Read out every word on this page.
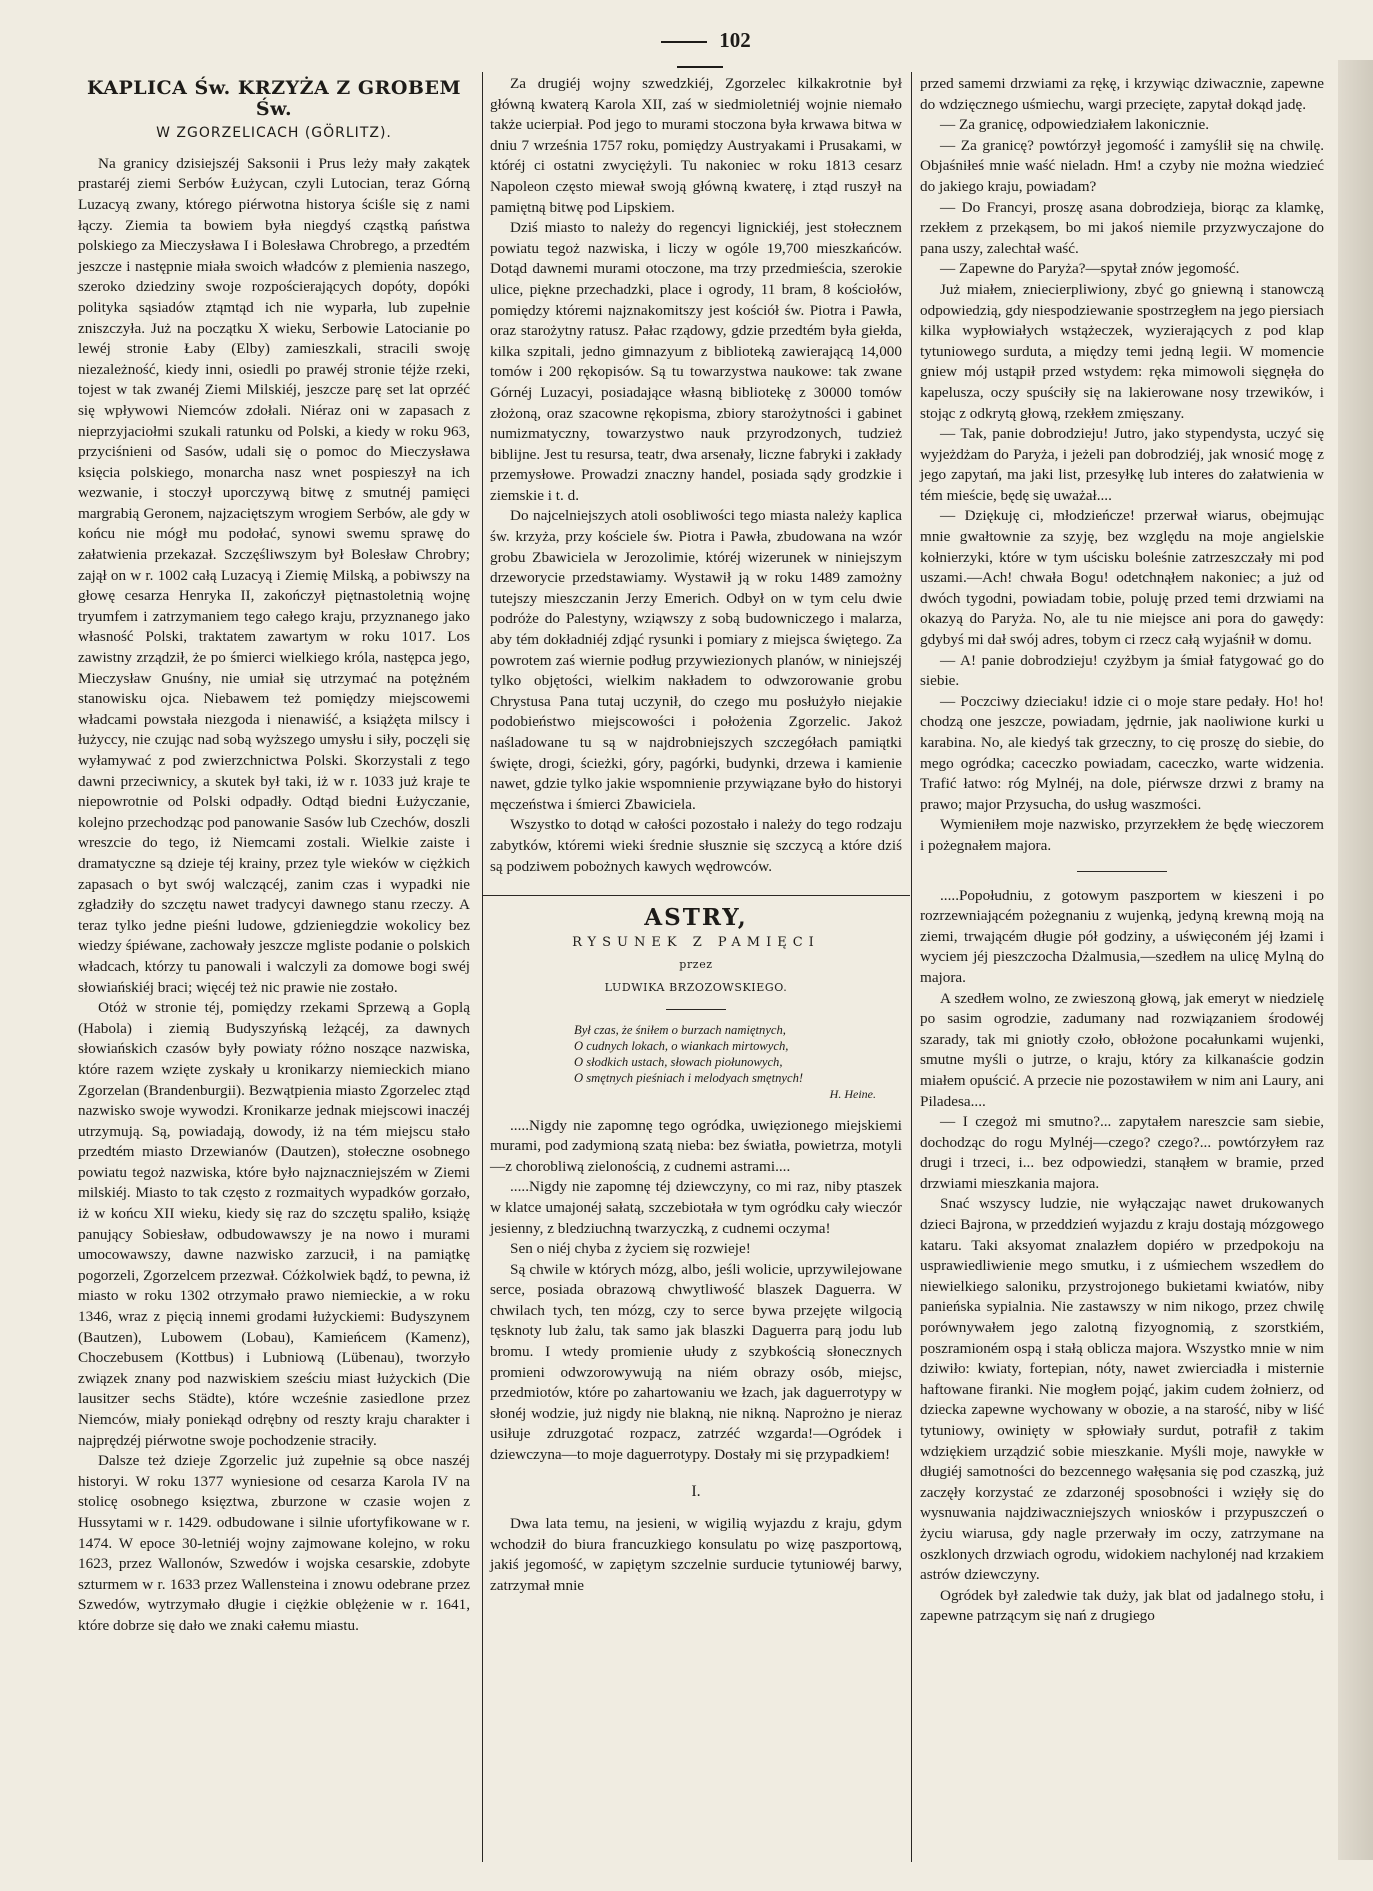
102
KAPLICA Św. KRZYŻA Z GROBEM Św.
W ZGORZELICACH (GÖRLITZ).

Na granicy dzisiejszéj Saksonii i Prus leży mały zakątek prastaréj ziemi Serbów Łużycan, czyli Lutocian, teraz Górną Luzacyą zwany, którego piérwotna historya ściśle się z nami łączy. Ziemia ta bowiem była niegdyś cząstką państwa polskiego za Mieczysława I i Bolesława Chrobrego, a przedtém jeszcze i następnie miała swoich władców z plemienia naszego, szeroko dziedziny swoje rozpościerających dopóty, dopóki polityka sąsiadów ztąmtąd ich nie wyparła, lub zupełnie zniszczyła. Już na początku X wieku, Serbowie Latocianie po lewéj stronie Łaby (Elby) zamieszkali, stracili swoję niezależność, kiedy inni, osiedli po prawéj stronie téjże rzeki, tojest w tak zwanéj Ziemi Milskiéj, jeszcze parę set lat oprzéć się wpływowi Niemców zdołali. Niéraz oni w zapasach z nieprzyjaciołmi szukali ratunku od Polski, a kiedy w roku 963, przyciśnieni od Sasów, udali się o pomoc do Mieczysława księcia polskiego, monarcha nasz wnet pospieszył na ich wezwanie, i stoczył uporczywą bitwę z smutnéj pamięci margrabią Geronem, najzaciętszym wrogiem Serbów, ale gdy w końcu nie mógł mu podołać, synowi swemu sprawę do załatwienia przekazał. Szczęśliwszym był Bolesław Chrobry; zajął on w r. 1002 całą Luzacyą i Ziemię Milską, a pobiwszy na głowę cesarza Henryka II, zakończył piętnastoletnią wojnę tryumfem i zatrzymaniem tego całego kraju, przyznanego jako własność Polski, traktatem zawartym w roku 1017. Los zawistny zrządził, że po śmierci wielkiego króla, następca jego, Mieczysław Gnuśny, nie umiał się utrzymać na potężném stanowisku ojca. Niebawem też pomiędzy miejscowemi władcami powstała niezgoda i nienawiść, a książęta milscy i łużyccy, nie czując nad sobą wyższego umysłu i siły, poczęli się wyłamywać z pod zwierzchnictwa Polski. Skorzystali z tego dawni przeciwnicy, a skutek był taki, iż w r. 1033 już kraje te niepowrotnie od Polski odpadły. Odtąd biedni Łużyczanie, kolejno przechodząc pod panowanie Sasów lub Czechów, doszli wreszcie do tego, iż Niemcami zostali. Wielkie zaiste i dramatyczne są dzieje téj krainy, przez tyle wieków w ciężkich zapasach o byt swój walczącéj, zanim czas i wypadki nie zgładziły do szczętu nawet tradycyi dawnego stanu rzeczy. A teraz tylko jedne pieśni ludowe, gdzieniegdzie wokolicy bez wiedzy śpiéwane, zachowały jeszcze mgliste podanie o polskich władcach, którzy tu panowali i walczyli za domowe bogi swéj słowiańskiéj braci; więcéj też nic prawie nie zostało.

Otóż w stronie téj, pomiędzy rzekami Sprzewą a Goplą (Habola) i ziemią Budyszyńską leżącéj, za dawnych słowiańskich czasów były powiaty różno noszące nazwiska, które razem wzięte zyskały u kronikarzy niemieckich miano Zgorzelan (Brandenburgii). Bezwątpienia miasto Zgorzelec ztąd nazwisko swoje wywodzi. Kronikarze jednak miejscowi inaczéj utrzymują. Są, powiadają, dowody, iż na tém miejscu stało przedtém miasto Drzewianów (Dautzen), stołeczne osobnego powiatu tegoż nazwiska, które było najznaczniejszém w Ziemi milskiéj. Miasto to tak często z rozmaitych wypadków gorzało, iż w końcu XII wieku, kiedy się raz do szczętu spaliło, książę panujący Sobiesław, odbudowawszy je na nowo i murami umocowawszy, dawne nazwisko zarzucił, i na pamiątkę pogorzeli, Zgorzelcem przezwał. Cóżkolwiek bądź, to pewna, iż miasto w roku 1302 otrzymało prawo niemieckie, a w roku 1346, wraz z pięcią innemi grodami łużyckiemi: Budyszynem (Bautzen), Lubowem (Lobau), Kamieńcem (Kamenz), Choczebusem (Kottbus) i Lubniową (Lübenau), tworzyło związek znany pod nazwiskiem sześciu miast łużyckich (Die lausitzer sechs Städte), które wcześnie zasiedlone przez Niemców, miały poniekąd odrębny od reszty kraju charakter i najprędzéj piérwotne swoje pochodzenie straciły.

Dalsze też dzieje Zgorzelic już zupełnie są obce naszéj historyi. W roku 1377 wyniesione od cesarza Karola IV na stolicę osobnego księztwa, zburzone w czasie wojen z Hussytami w r. 1429. odbudowane i silnie ufortyfikowane w r. 1474. W epoce 30-letniéj wojny zajmowane kolejno, w roku 1623, przez Wallonów, Szwedów i wojska cesarskie, zdobyte szturmem w r. 1633 przez Wallensteina i znowu odebrane przez Szwedów, wytrzymało długie i ciężkie oblężenie w r. 1641, które dobrze się dało we znaki całemu miastu.

Za drugiéj wojny szwedzkiéj, Zgorzelec kilkakrotnie był główną kwaterą Karola XII, zaś w siedmioletniéj wojnie niemało także ucierpiał. Pod jego to murami stoczona była krwawa bitwa w dniu 7 września 1757 roku, pomiędzy Austryakami i Prusakami, w któréj ci ostatni zwyciężyli. Tu nakoniec w roku 1813 cesarz Napoleon często miewał swoją główną kwaterę, i ztąd ruszył na pamiętną bitwę pod Lipskiem.

Dziś miasto to należy do regencyi lignickiéj, jest stołecznem powiatu tegoż nazwiska, i liczy w ogóle 19,700 mieszkańców. Dotąd dawnemi murami otoczone, ma trzy przedmieścia, szerokie ulice, piękne przechadzki, place i ogrody, 11 bram, 8 kościołów, pomiędzy któremi najznakomitszy jest kościół św. Piotra i Pawła, oraz starożytny ratusz. Pałac rządowy, gdzie przedtém była giełda, kilka szpitali, jedno gimnazyum z biblioteką zawierającą 14,000 tomów i 200 rękopisów. Są tu towarzystwa naukowe: tak zwane Górnéj Luzacyi, posiadające własną bibliotekę z 30000 tomów złożoną, oraz szacowne rękopisma, zbiory starożytności i gabinet numizmatyczny, towarzystwo nauk przyrodzonych, tudzież biblijne. Jest tu resursa, teatr, dwa arsenały, liczne fabryki i zakłady przemysłowe. Prowadzi znaczny handel, posiada sądy grodzkie i ziemskie i t. d.

Do najcelniejszych atoli osobliwości tego miasta należy kaplica św. krzyża, przy kościele św. Piotra i Pawła, zbudowana na wzór grobu Zbawiciela w Jerozolimie, któréj wizerunek w niniejszym drzeworycie przedstawiamy. Wystawił ją w roku 1489 zamożny tutejszy mieszczanin Jerzy Emerich. Odbył on w tym celu dwie podróże do Palestyny, wziąwszy z sobą budowniczego i malarza, aby tém dokładniéj zdjąć rysunki i pomiary z miejsca świętego. Za powrotem zaś wiernie podług przywiezionych planów, w niniejszéj tylko objętości, wielkim nakładem to odwzorowanie grobu Chrystusa Pana tutaj uczynił, do czego mu posłużyło niejakie podobieństwo miejscowości i położenia Zgorzelic. Jakoż naśladowane tu są w najdrobniejszych szczegółach pamiątki święte, drogi, ścieżki, góry, pagórki, budynki, drzewa i kamienie nawet, gdzie tylko jakie wspomnienie przywiązane było do historyi męczeństwa i śmierci Zbawiciela.

Wszystko to dotąd w całości pozostało i należy do tego rodzaju zabytków, któremi wieki średnie słusznie się szczycą a które dziś są podziwem pobożnych kawych wędrowców.

ASTRY,
RYSUNEK Z PAMIĘCI
przez
LUDWIKA BRZOZOWSKIEGO.
Był czas, że śniłem o burzach namiętnych,
O cudnych lokach, o wiankach mirtowych,
O słodkich ustach, słowach piołunowych,
O smętnych pieśniach i melodyach smętnych!
H. Heine.

.....Nigdy nie zapomnę tego ogródka, uwięzionego miejskiemi murami, pod zadymioną szatą nieba: bez światła, powietrza, motyli—z chorobliwą zielonością, z cudnemi astrami....

.....Nigdy nie zapomnę téj dziewczyny, co mi raz, niby ptaszek w klatce umajonéj sałatą, szczebiotała w tym ogródku cały wieczór jesienny, z bledziuchną twarzyczką, z cudnemi oczyma!

Sen o niéj chyba z życiem się rozwieje!

Są chwile w których mózg, albo, jeśli wolicie, uprzywilejowane serce, posiada obrazową chwytliwość blaszek Daguerra. W chwilach tych, ten mózg, czy to serce bywa przejęte wilgocią tęsknoty lub żalu, tak samo jak blaszki Daguerra parą jodu lub bromu. I wtedy promienie ułudy z szybkością słonecznych promieni odwzorowywują na niém obrazy osób, miejsc, przedmiotów, które po zahartowaniu we łzach, jak daguerrotypy w słonéj wodzie, już nigdy nie blakną, nie nikną. Naprożno je nieraz usiłuje zdruzgotać rozpacz, zatrzéć wzgarda!—Ogródek i dziewczyna—to moje daguerrotypy. Dostały mi się przypadkiem!

I.

Dwa lata temu, na jesieni, w wigilią wyjazdu z kraju, gdym wchodził do biura francuzkiego konsulatu po wizę paszportową, jakiś jegomość, w zapiętym szczelnie surducie tytuniowéj barwy, zatrzymał mnie

przed samemi drzwiami za rękę, i krzywiąc dziwacznie, zapewne do wdzięcznego uśmiechu, wargi przecięte, zapytał dokąd jadę.

— Za granicę, odpowiedziałem lakonicznie.

— Za granicę? powtórzył jegomość i zamyślił się na chwilę. Objaśniłeś mnie waść nieladn. Hm! a czyby nie można wiedzieć do jakiego kraju, powiadam?

— Do Francyi, proszę asana dobrodzieja, biorąc za klamkę, rzekłem z przekąsem, bo mi jakoś niemile przyzwyczajone do pana uszy, zalechtał waść.

— Zapewne do Paryża?—spytał znów jegomość.

Już miałem, zniecierpliwiony, zbyć go gniewną i stanowczą odpowiedzią, gdy niespodziewanie spostrzegłem na jego piersiach kilka wypłowiałych wstążeczek, wyzierających z pod klap tytuniowego surduta, a między temi jedną legii. W momencie gniew mój ustąpił przed wstydem: ręka mimowoli sięgnęła do kapelusza, oczy spuściły się na lakierowane nosy trzewików, i stojąc z odkrytą głową, rzekłem zmięszany.

— Tak, panie dobrodzieju! Jutro, jako stypendysta, uczyć się wyjeżdżam do Paryża, i jeżeli pan dobrodziéj, jak wnosić mogę z jego zapytań, ma jaki list, przesyłkę lub interes do załatwienia w tém mieście, będę się uważał....

— Dziękuję ci, młodzieńcze! przerwał wiarus, obejmując mnie gwałtownie za szyję, bez względu na moje angielskie kołnierzyki, które w tym uścisku boleśnie zatrzeszczały mi pod uszami.—Ach! chwała Bogu! odetchnąłem nakoniec; a już od dwóch tygodni, powiadam tobie, poluję przed temi drzwiami na okazyą do Paryża. No, ale tu nie miejsce ani pora do gawędy: gdybyś mi dał swój adres, tobym ci rzecz całą wyjaśnił w domu.

— A! panie dobrodzieju! czyżbym ja śmiał fatygować go do siebie.

— Poczciwy dzieciaku! idzie ci o moje stare pedały. Ho! ho! chodzą one jeszcze, powiadam, jędrnie, jak naoliwione kurki u karabina. No, ale kiedyś tak grzeczny, to cię proszę do siebie, do mego ogródka; caceczko powiadam, caceczko, warte widzenia. Trafić łatwo: róg Mylnéj, na dole, piérwsze drzwi z bramy na prawo; major Przysucha, do usług waszmości.

Wymieniłem moje nazwisko, przyrzekłem że będę wieczorem i pożegnałem majora.

.....Popołudniu, z gotowym paszportem w kieszeni i po rozrzewniającém pożegnaniu z wujenką, jedyną krewną moją na ziemi, trwającém długie pół godziny, a uświęconém jéj łzami i wyciem jéj pieszczocha Dżalmusia,—szedłem na ulicę Mylną do majora.

A szedłem wolno, ze zwieszoną głową, jak emeryt w niedzielę po sasim ogrodzie, zadumany nad rozwiązaniem środowéj szarady, tak mi gniotły czoło, obłożone pocałunkami wujenki, smutne myśli o jutrze, o kraju, który za kilkanaście godzin miałem opuścić. A przecie nie pozostawiłem w nim ani Laury, ani Piladesa....

— I czegoż mi smutno?... zapytałem nareszcie sam siebie, dochodząc do rogu Mylnéj—czego? czego?... powtórzyłem raz drugi i trzeci, i... bez odpowiedzi, stanąłem w bramie, przed drzwiami mieszkania majora.

Snać wszyscy ludzie, nie wyłączając nawet drukowanych dzieci Bajrona, w przeddzień wyjazdu z kraju dostają mózgowego kataru. Taki aksyomat znalazłem dopiéro w przedpokoju na usprawiedliwienie mego smutku, i z uśmiechem wszedłem do niewielkiego saloniku, przystrojonego bukietami kwiatów, niby panieńska sypialnia. Nie zastawszy w nim nikogo, przez chwilę porównywałem jego zalotną fizyognomią, z szorstkiém, poszramioném ospą i stałą oblicza majora. Wszystko mnie w nim dziwiło: kwiaty, fortepian, nóty, nawet zwierciadła i misternie haftowane firanki. Nie mogłem pojąć, jakim cudem żołnierz, od dziecka zapewne wychowany w obozie, a na starość, niby w liść tytuniowy, owinięty w spłowiały surdut, potrafił z takim wdziękiem urządzić sobie mieszkanie. Myśli moje, nawykłe w długiéj samotności do bezcennego wałęsania się pod czaszką, już zaczęły korzystać ze zdarzonéj sposobności i wzięły się do wysnuwania najdziwaczniejszych wniosków i przypuszczeń o życiu wiarusa, gdy nagle przerwały im oczy, zatrzymane na oszklonych drzwiach ogrodu, widokiem nachylonéj nad krzakiem astrów dziewczyny.

Ogródek był zaledwie tak duży, jak blat od jadalnego stołu, i zapewne patrzącym się nań z drugiego
